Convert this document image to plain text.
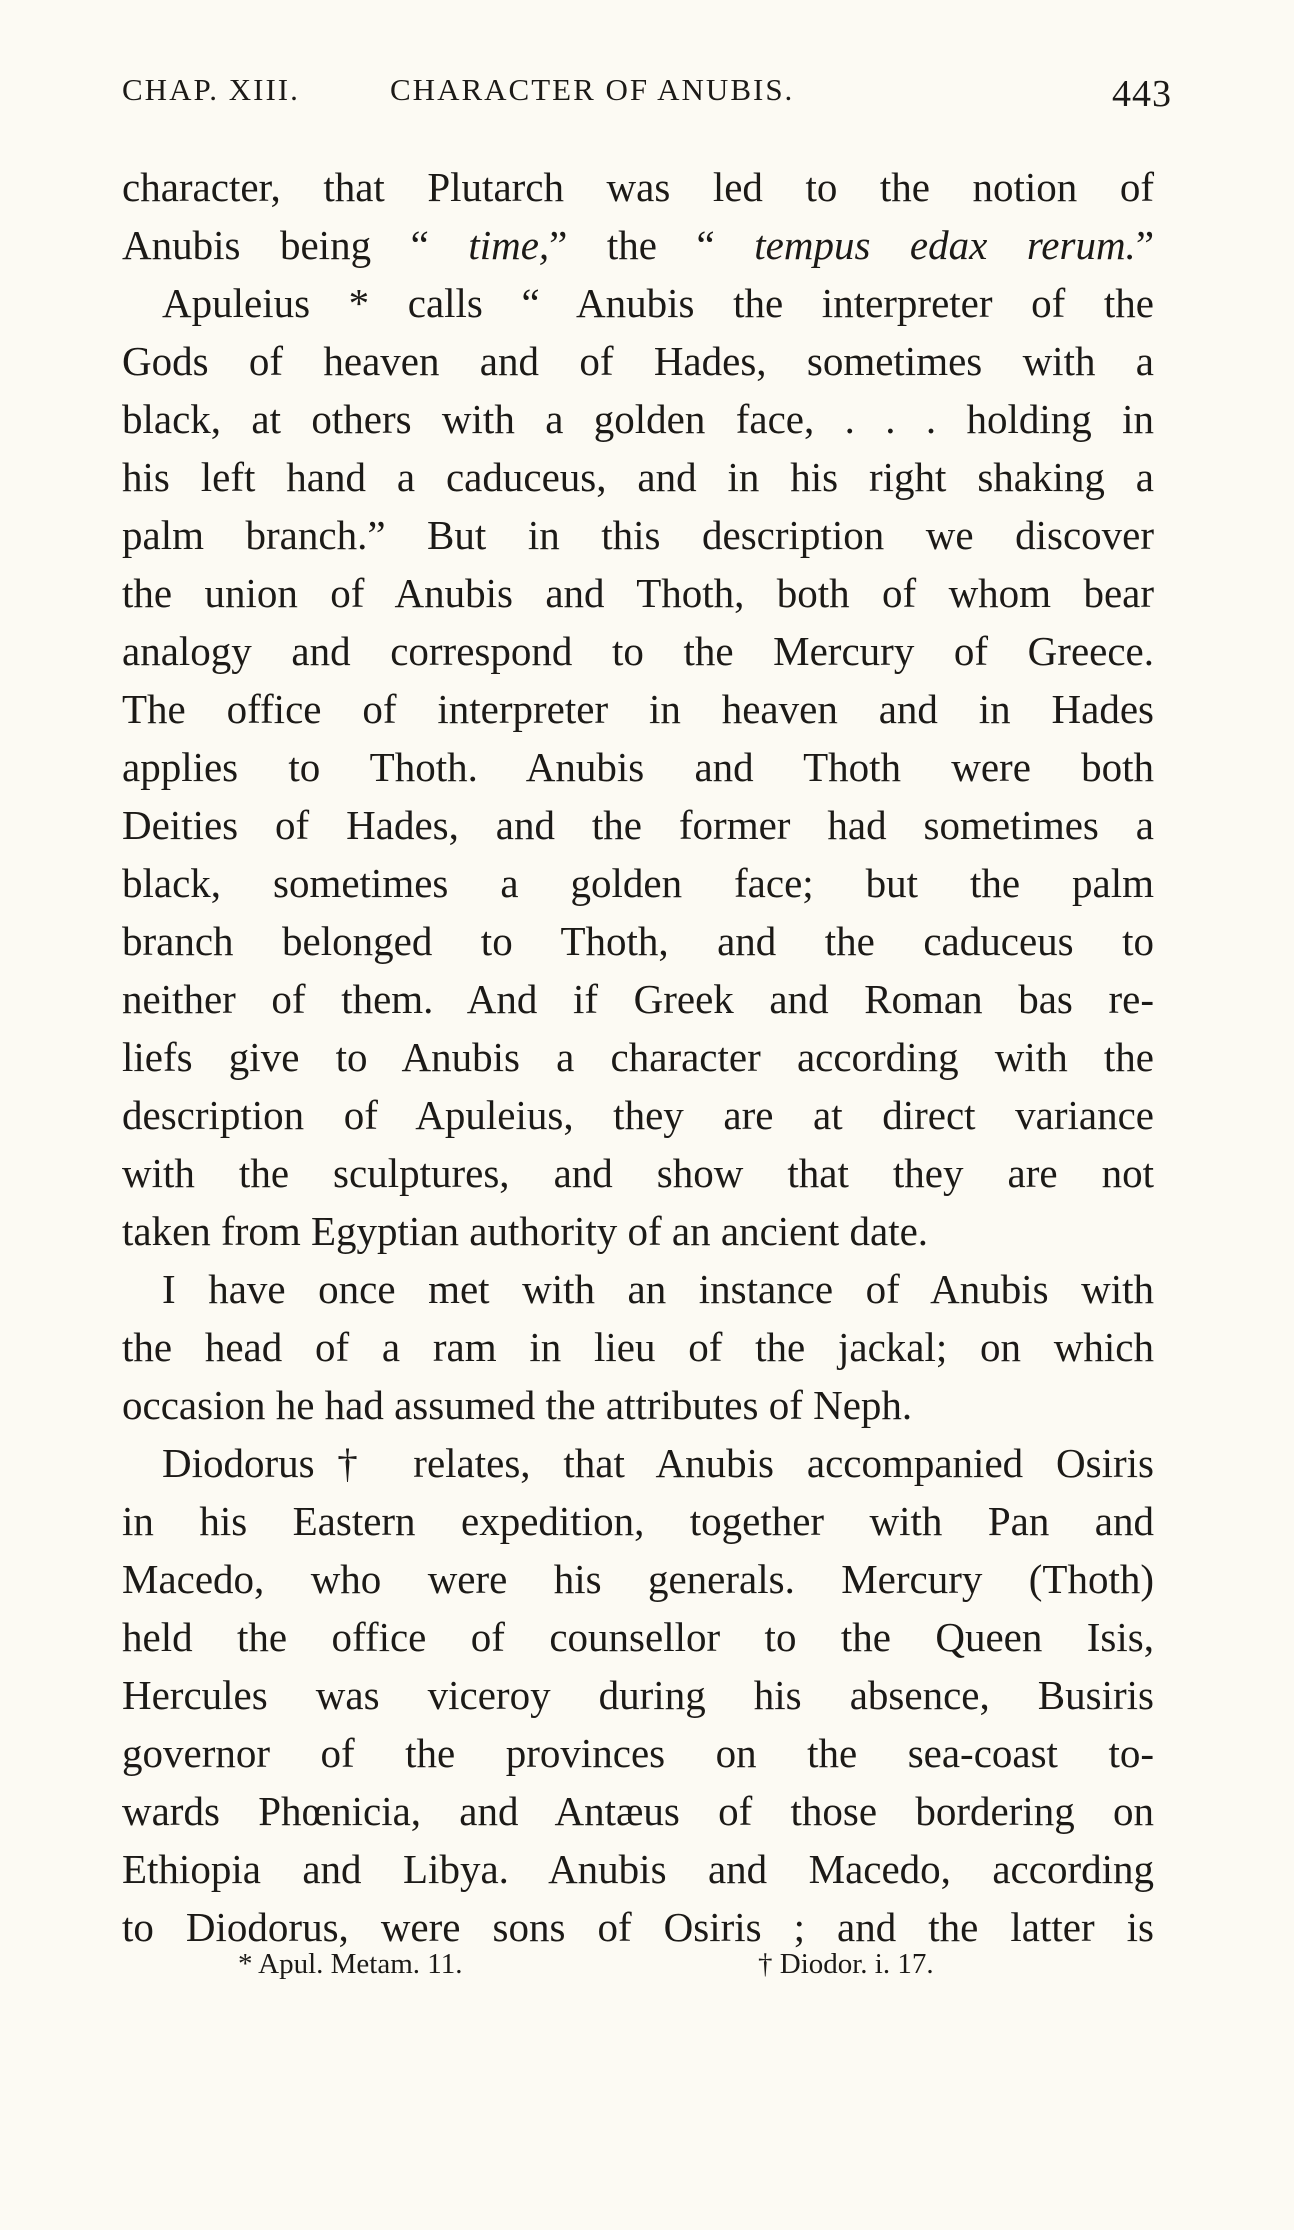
CHAP. XIII.	CHARACTER OF ANUBIS.	443
character, that Plutarch was led to the notion of
Anubis being “ time,” the “ tempus edax rerum.”
Apuleius * calls “ Anubis the interpreter of the
Gods of heaven and of Hades, sometimes with a
black, at others with a golden face, . . . holding in
his left hand a caduceus, and in his right shaking a
palm branch.” But in this description we discover
the union of Anubis and Thoth, both of whom bear
analogy and correspond to the Mercury of Greece.
The office of interpreter in heaven and in Hades
applies to Thoth. Anubis and Thoth were both
Deities of Hades, and the former had sometimes a
black, sometimes a golden face; but the palm
branch belonged to Thoth, and the caduceus to
neither of them. And if Greek and Roman bas re-
liefs give to Anubis a character according with the
description of Apuleius, they are at direct variance
with the sculptures, and show that they are not
taken from Egyptian authority of an ancient date.
I have once met with an instance of Anubis with
the head of a ram in lieu of the jackal; on which
occasion he had assumed the attributes of Neph.
Diodorus† relates, that Anubis accompanied Osiris
in his Eastern expedition, together with Pan and
Macedo, who were his generals. Mercury (Thoth)
held the office of counsellor to the Queen Isis,
Hercules was viceroy during his absence, Busiris
governor of the provinces on the sea-coast to-
wards Phœnicia, and Antæus of those bordering on
Ethiopia and Libya. Anubis and Macedo, according
to Diodorus, were sons of Osiris ; and the latter is
* Apul. Metam. 11.	† Diodor. i. 17.
